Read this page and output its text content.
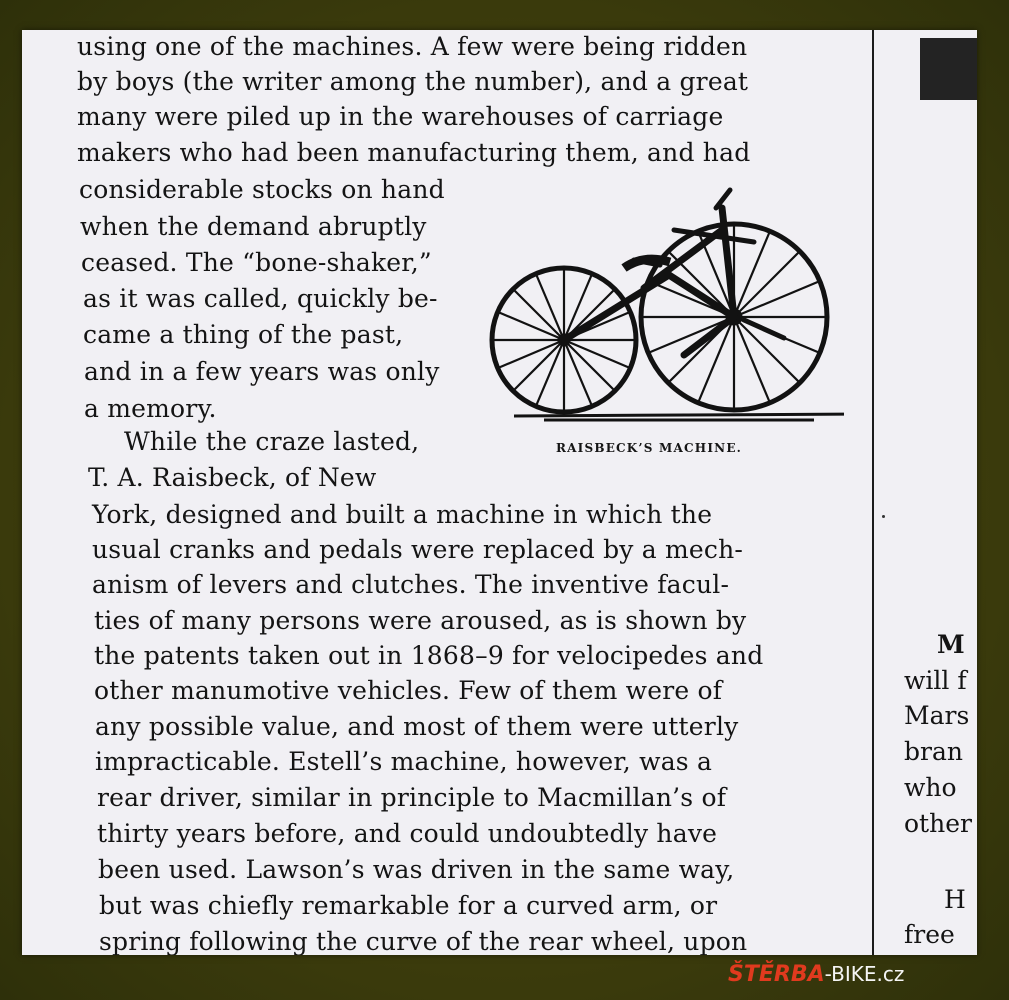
using one of the machines. A few were being ridden
by boys (the writer among the number), and a great
many were piled up in the warehouses of carriage
makers who had been manufacturing them, and had
considerable stocks on hand
when the demand abruptly
ceased. The “bone-shaker,”
as it was called, quickly be-
came a thing of the past,
and in a few years was only
a memory.
While the craze lasted,
T. A. Raisbeck, of New
York, designed and built a machine in which the
usual cranks and pedals were replaced by a mech-
anism of levers and clutches. The inventive facul-
ties of many persons were aroused, as is shown by
the patents taken out in 1868–9 for velocipedes and
other manumotive vehicles. Few of them were of
any possible value, and most of them were utterly
impracticable. Estell’s machine, however, was a
rear driver, similar in principle to Macmillan’s of
thirty years before, and could undoubtedly have
been used. Lawson’s was driven in the same way,
but was chiefly remarkable for a curved arm, or
spring following the curve of the rear wheel, upon
RAISBECK’S MACHINE.
M
will f
Mars
bran
who
other
H
free
ŠTĚRBA-BIKE.cz
